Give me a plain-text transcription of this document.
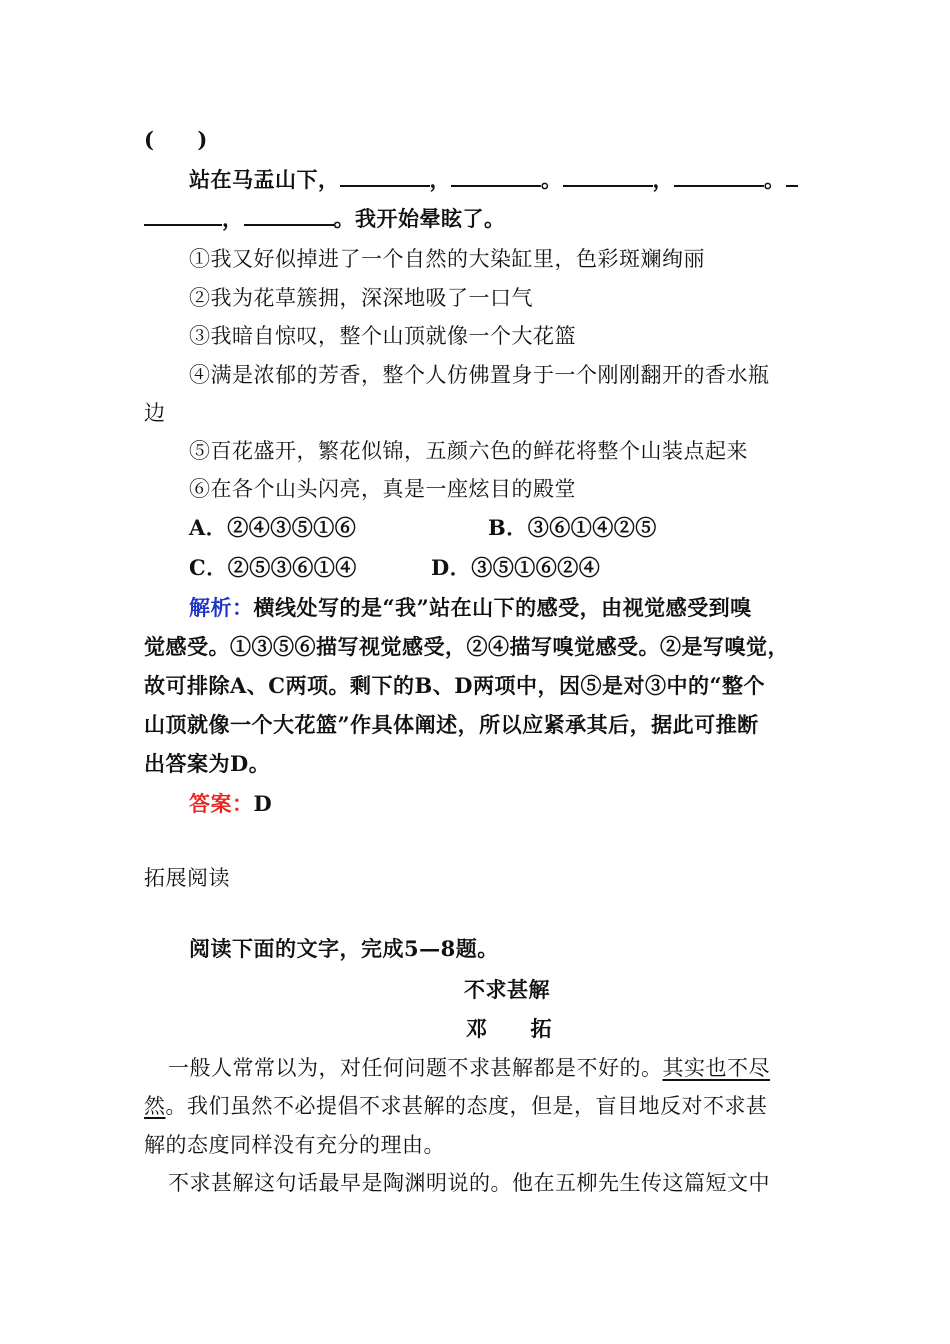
(　　)
站在马盂山下，	，	。	，	。
，	。我开始晕眩了。
①我又好似掉进了一个自然的大染缸里，色彩斑斓绚丽
②我为花草簇拥，深深地吸了一口气
③我暗自惊叹，整个山顶就像一个大花篮
④满是浓郁的芳香，整个人仿佛置身于一个刚刚翻开的香水瓶
边
⑤百花盛开，繁花似锦，五颜六色的鲜花将整个山装点起来
⑥在各个山头闪亮，真是一座炫目的殿堂
A．②④③⑤①⑥	B．③⑥①④②⑤
C．②⑤③⑥①④	D．③⑤①⑥②④
解析：横线处写的是“我”站在山下的感受，由视觉感受到嗅
觉感受。①③⑤⑥描写视觉感受，②④描写嗅觉感受。②是写嗅觉，
故可排除A、C两项。剩下的B、D两项中，因⑤是对③中的“整个
山顶就像一个大花篮”作具体阐述，所以应紧承其后，据此可推断
出答案为D。
答案：D
拓展阅读
阅读下面的文字，完成5—8题。
不求甚解
邓　　拓
一般人常常以为，对任何问题不求甚解都是不好的。其实也不尽
然。我们虽然不必提倡不求甚解的态度，但是，盲目地反对不求甚
解的态度同样没有充分的理由。
不求甚解这句话最早是陶渊明说的。他在五柳先生传这篇短文中
